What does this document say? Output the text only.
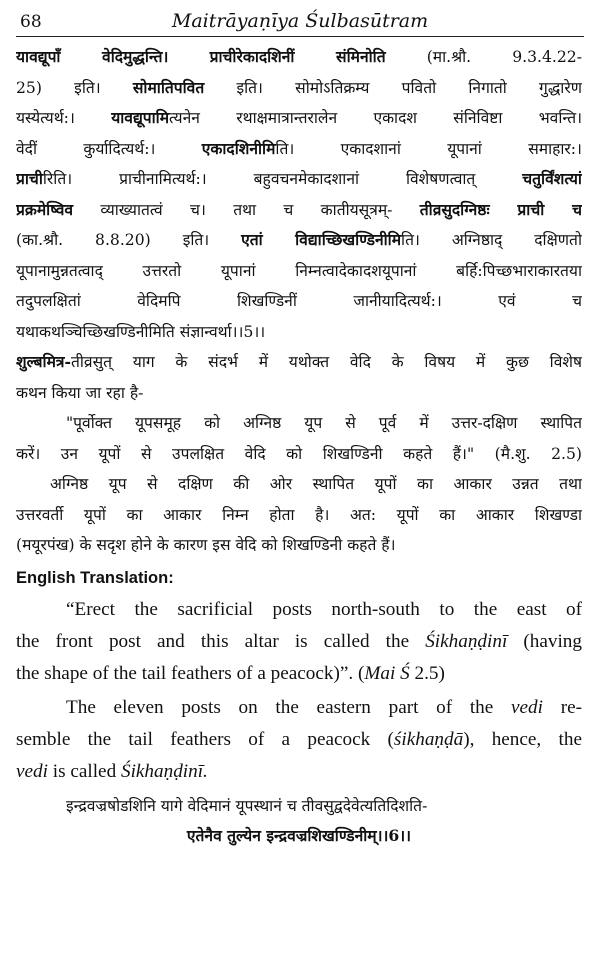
68	Maitrāyaṇīya Śulbasūtram
यावद्यूपाँ वेदिमुद्धन्ति।	प्राचीरेकादशिनीं संमिनोति (मा.श्रौ. 9.3.4.22-
25) इति। सोमातिपवित इति। सोमोऽतिक्रम्य पवितो निगातो गुद्धारेण
यस्येत्यर्थ:। यावद्यूपामित्यनेन रथाक्षमात्रान्तरालेन एकादश संनिविष्टा भवन्ति।
वेदीं कुर्यादित्यर्थ:।	एकादशिनीमिति। एकादशानां यूपानां समाहार:।
प्राचीरिति। प्राचीनामित्यर्थ:। बहुवचनमेकादशानां विशेषणत्वात्	चतुर्विंशत्यां
प्रक्रमेष्विव व्याख्यातत्वं च। तथा च कातीयसूत्रम्- तीव्रसुदग्निष्ठः प्राची च
(का.श्रौ. 8.8.20) इति। एतां विद्याच्छिखण्डिनीमिति। अग्निष्ठाद् दक्षिणतो
यूपानामुन्नतत्वाद् उत्तरतो यूपानां निम्नत्वादेकादशयूपानां बर्हि:पिच्छभाराकारतया
तदुपलक्षितां वेदिमपि शिखण्डिनीं जानीयादित्यर्थ:। एवं च
यथाकथञ्चिच्छिखण्डिनीमिति संज्ञान्वर्था।।5।।
शुल्बमित्र-तीव्रसुत् याग के संदर्भ में यथोक्त वेदि के विषय में कुछ विशेष
कथन किया जा रहा है-
"पूर्वोक्त यूपसमूह को अग्निष्ठ यूप से पूर्व में उत्तर-दक्षिण स्थापित
करें। उन यूपों से उपलक्षित वेदि को शिखण्डिनी कहते हैं।" (मै.शु. 2.5)
अग्निष्ठ यूप से दक्षिण की ओर स्थापित यूपों का आकार उन्नत तथा
उत्तरवर्ती यूपों का आकार निम्न होता है। अत: यूपों का आकार शिखण्डा
(मयूरपंख) के सदृश होने के कारण इस वेदि को शिखण्डिनी कहते हैं।
English Translation:
“Erect the sacrificial posts north-south to the east of
the front post and this altar is called the Śikhaṇḍinī (having
the shape of the tail feathers of a peacock)”. (Mai Ś 2.5)
The eleven posts on the eastern part of the vedi re-
semble the tail feathers of a peacock (śikhaṇḍā), hence, the
vedi is called Śikhaṇḍinī.
इन्द्रवज्रषोडशिनि यागे वेदिमानं यूपस्थानं च तीवसुद्वदेवेत्यतिदिशति-
एतेनैव तुल्येन इन्द्रवज्रशिखण्डिनीम्।।6।।
